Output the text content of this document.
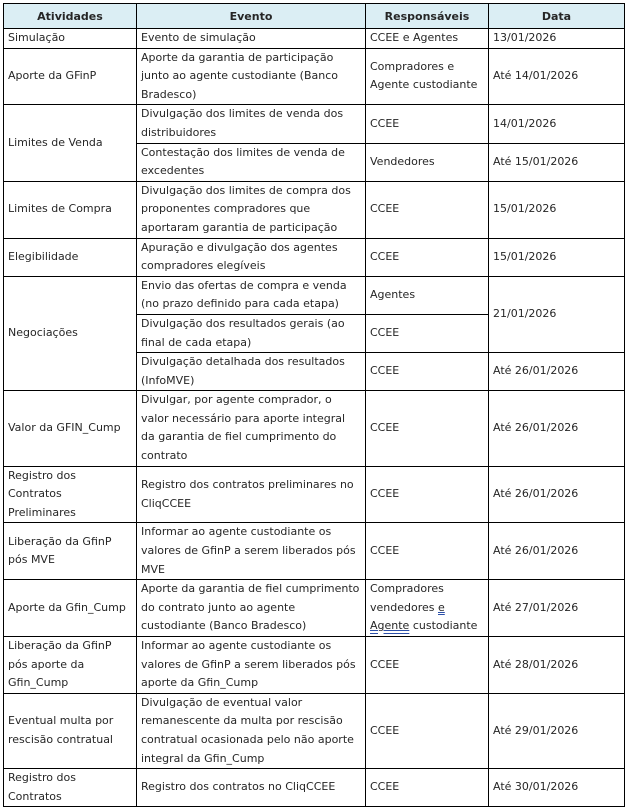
Atividades	Evento	Responsáveis	Data
Simulação	Evento de simulação	CCEE e Agentes	13/01/2026
Aporte da GFinP	Aporte da garantia de participação junto ao agente custodiante (Banco Bradesco)	Compradores e Agente custodiante	Até 14/01/2026
Limites de Venda	Divulgação dos limites de venda dos distribuidores	CCEE	14/01/2026
	Contestação dos limites de venda de excedentes	Vendedores	Até 15/01/2026
Limites de Compra	Divulgação dos limites de compra dos proponentes compradores que aportaram garantia de participação	CCEE	15/01/2026
Elegibilidade	Apuração e divulgação dos agentes compradores elegíveis	CCEE	15/01/2026
Negociações	Envio das ofertas de compra e venda (no prazo definido para cada etapa)	Agentes	21/01/2026
	Divulgação dos resultados gerais (ao final de cada etapa)	CCEE	
	Divulgação detalhada dos resultados (InfoMVE)	CCEE	Até 26/01/2026
Valor da GFIN_Cump	Divulgar, por agente comprador, o valor necessário para aporte integral da garantia de fiel cumprimento do contrato	CCEE	Até 26/01/2026
Registro dos Contratos Preliminares	Registro dos contratos preliminares no CliqCCEE	CCEE	Até 26/01/2026
Liberação da GfinP pós MVE	Informar ao agente custodiante os valores de GfinP a serem liberados pós MVE	CCEE	Até 26/01/2026
Aporte da Gfin_Cump	Aporte da garantia de fiel cumprimento do contrato junto ao agente custodiante (Banco Bradesco)	Compradores vendedores e Agente custodiante	Até 27/01/2026
Liberação da GfinP pós aporte da Gfin_Cump	Informar ao agente custodiante os valores de GfinP a serem liberados pós aporte da Gfin_Cump	CCEE	Até 28/01/2026
Eventual multa por rescisão contratual	Divulgação de eventual valor remanescente da multa por rescisão contratual ocasionada pelo não aporte integral da Gfin_Cump	CCEE	Até 29/01/2026
Registro dos Contratos	Registro dos contratos no CliqCCEE	CCEE	Até 30/01/2026
